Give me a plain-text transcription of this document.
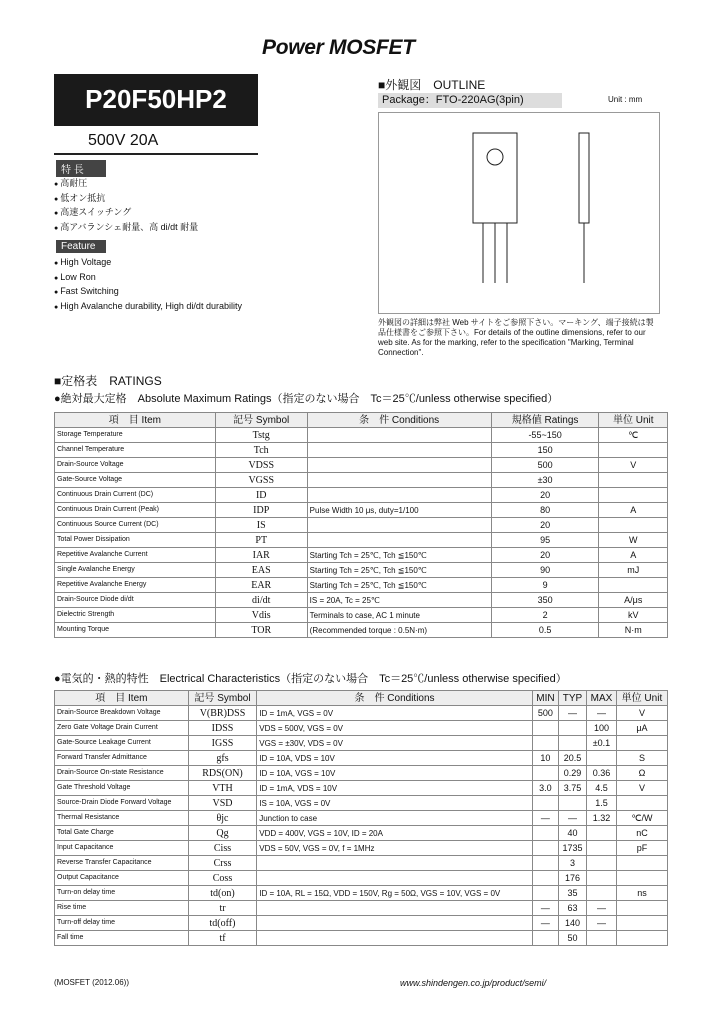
Power MOSFET
P20F50HP2
500V 20A
特 長
● 高耐圧
● 低オン抵抗
● 高速スイッチング
● 高アバランシェ耐量、高 di/dt 耐量
Feature
● High Voltage
● Low Ron
● Fast Switching
● High Avalanche durability, High di/dt durability
■外観図　OUTLINE
Package：FTO-220AG(3pin)	Unit : mm
外観図の詳細は弊社 Web サイトをご参照下さい。マーキング、端子接続は製品仕様書をご参照下さい。For details of the outline dimensions, refer to our web site. As for the marking, refer to the specification "Marking, Terminal Connection".
■定格表　RATINGS
●絶対最大定格　Absolute Maximum Ratings（指定のない場合　Tc＝25℃/unless otherwise specified）
項　目 Item	記号 Symbol	条　件 Conditions	規格値 Ratings	単位 Unit
Storage Temperature	Tstg		-55~150	℃
Channel Temperature	Tch		150	
Drain-Source Voltage	VDSS		500	V
Gate-Source Voltage	VGSS		±30	
Continuous Drain Current (DC)	ID		20	
Continuous Drain Current (Peak)	IDP	Pulse Width 10 μs, duty=1/100	80	A
Continuous Source Current (DC)	IS		20	
Total Power Dissipation	PT		95	W
Repetitive Avalanche Current	IAR	Starting Tch = 25℃, Tch ≦150℃	20	A
Single Avalanche Energy	EAS	Starting Tch = 25℃, Tch ≦150℃	90	mJ
Repetitive Avalanche Energy	EAR	Starting Tch = 25℃, Tch ≦150℃	9	
Drain-Source Diode di/dt	di/dt	IS = 20A, Tc = 25℃	350	A/μs
Dielectric Strength	Vdis	Terminals to case, AC 1 minute	2	kV
Mounting Torque	TOR	(Recommended torque : 0.5N·m)	0.5	N·m
●電気的・熱的特性　Electrical Characteristics（指定のない場合　Tc＝25℃/unless otherwise specified）
項　目 Item	記号 Symbol	条　件 Conditions	MIN	TYP	MAX	単位 Unit
Drain-Source Breakdown Voltage	V(BR)DSS	ID = 1mA, VGS = 0V	500	—	—	V
Zero Gate Voltage Drain Current	IDSS	VDS = 500V, VGS = 0V			100	μA
Gate-Source Leakage Current	IGSS	VGS = ±30V, VDS = 0V			±0.1	
Forward Transfer Admittance	gfs	ID = 10A, VDS = 10V	10	20.5		S
Drain-Source On-state Resistance	RDS(ON)	ID = 10A, VGS = 10V		0.29	0.36	Ω
Gate Threshold Voltage	VTH	ID = 1mA, VDS = 10V	3.0	3.75	4.5	V
Source-Drain Diode Forward Voltage	VSD	IS = 10A, VGS = 0V			1.5	
Thermal Resistance	θjc	Junction to case	—	—	1.32	℃/W
Total Gate Charge	Qg	VDD = 400V, VGS = 10V, ID = 20A		40		nC
Input Capacitance	Ciss	VDS = 50V, VGS = 0V, f = 1MHz		1735		pF
Reverse Transfer Capacitance	Crss			3		
Output Capacitance	Coss			176		
Turn-on delay time	td(on)	ID = 10A, RL = 15Ω, VDD = 150V, Rg = 50Ω, VGS = 10V, VGS = 0V		35		ns
Rise time	tr		—	63	—	
Turn-off delay time	td(off)		—	140	—	
Fall time	tf			50		
(MOSFET (2012.06))	www.shindengen.co.jp/product/semi/
